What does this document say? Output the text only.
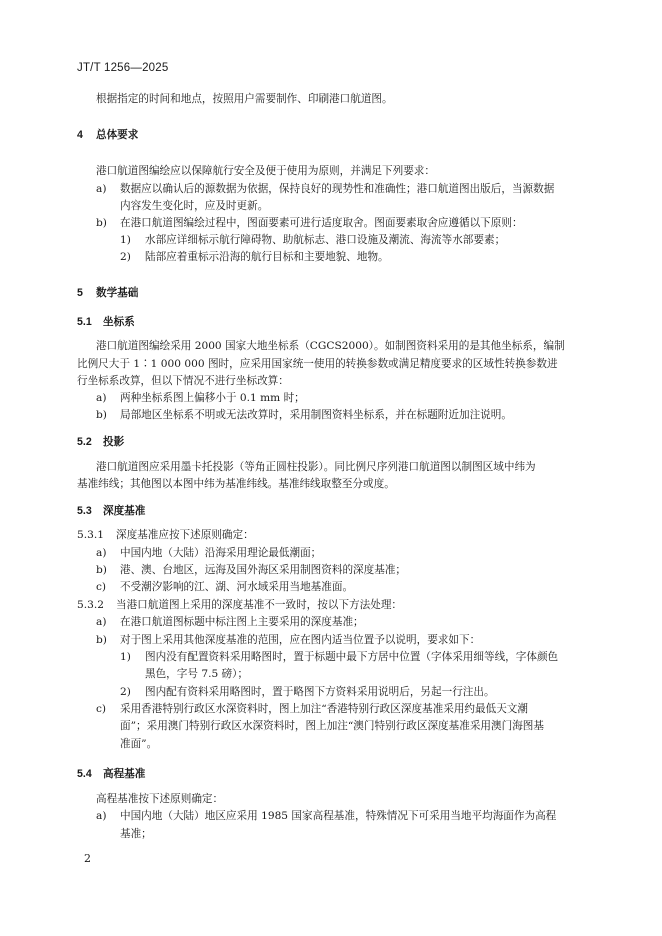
JT/T 1256—2025
根据指定的时间和地点，按照用户需要制作、印刷港口航道图。
4 总体要求
港口航道图编绘应以保障航行安全及便于使用为原则，并满足下列要求：
a) 数据应以确认后的源数据为依据，保持良好的现势性和准确性；港口航道图出版后，当源数据
内容发生变化时，应及时更新。
b) 在港口航道图编绘过程中，图面要素可进行适度取舍。图面要素取舍应遵循以下原则：
1) 水部应详细标示航行障碍物、助航标志、港口设施及潮流、海流等水部要素；
2) 陆部应着重标示沿海的航行目标和主要地貌、地物。
5 数学基础
5.1 坐标系
港口航道图编绘采用 2000 国家大地坐标系（CGCS2000）。如制图资料采用的是其他坐标系，编制
比例尺大于 1∶1 000 000 图时，应采用国家统一使用的转换参数或满足精度要求的区域性转换参数进
行坐标系改算，但以下情况不进行坐标改算：
a) 两种坐标系图上偏移小于 0.1 mm 时；
b) 局部地区坐标系不明或无法改算时，采用制图资料坐标系，并在标题附近加注说明。
5.2 投影
港口航道图应采用墨卡托投影（等角正圆柱投影）。同比例尺序列港口航道图以制图区域中纬为
基准纬线；其他图以本图中纬为基准纬线。基准纬线取整至分或度。
5.3 深度基准
5.3.1 深度基准应按下述原则确定：
a) 中国内地（大陆）沿海采用理论最低潮面；
b) 港、澳、台地区，远海及国外海区采用制图资料的深度基准；
c) 不受潮汐影响的江、湖、河水域采用当地基准面。
5.3.2 当港口航道图上采用的深度基准不一致时，按以下方法处理：
a) 在港口航道图标题中标注图上主要采用的深度基准；
b) 对于图上采用其他深度基准的范围，应在图内适当位置予以说明，要求如下：
1) 图内没有配置资料采用略图时，置于标题中最下方居中位置（字体采用细等线，字体颜色
黑色，字号 7.5 磅）；
2) 图内配有资料采用略图时，置于略图下方资料采用说明后，另起一行注出。
c) 采用香港特别行政区水深资料时，图上加注“香港特别行政区深度基准采用约最低天文潮
面”；采用澳门特别行政区水深资料时，图上加注“澳门特别行政区深度基准采用澳门海图基
准面”。
5.4 高程基准
高程基准按下述原则确定：
a) 中国内地（大陆）地区应采用 1985 国家高程基准，特殊情况下可采用当地平均海面作为高程
基准；
2
